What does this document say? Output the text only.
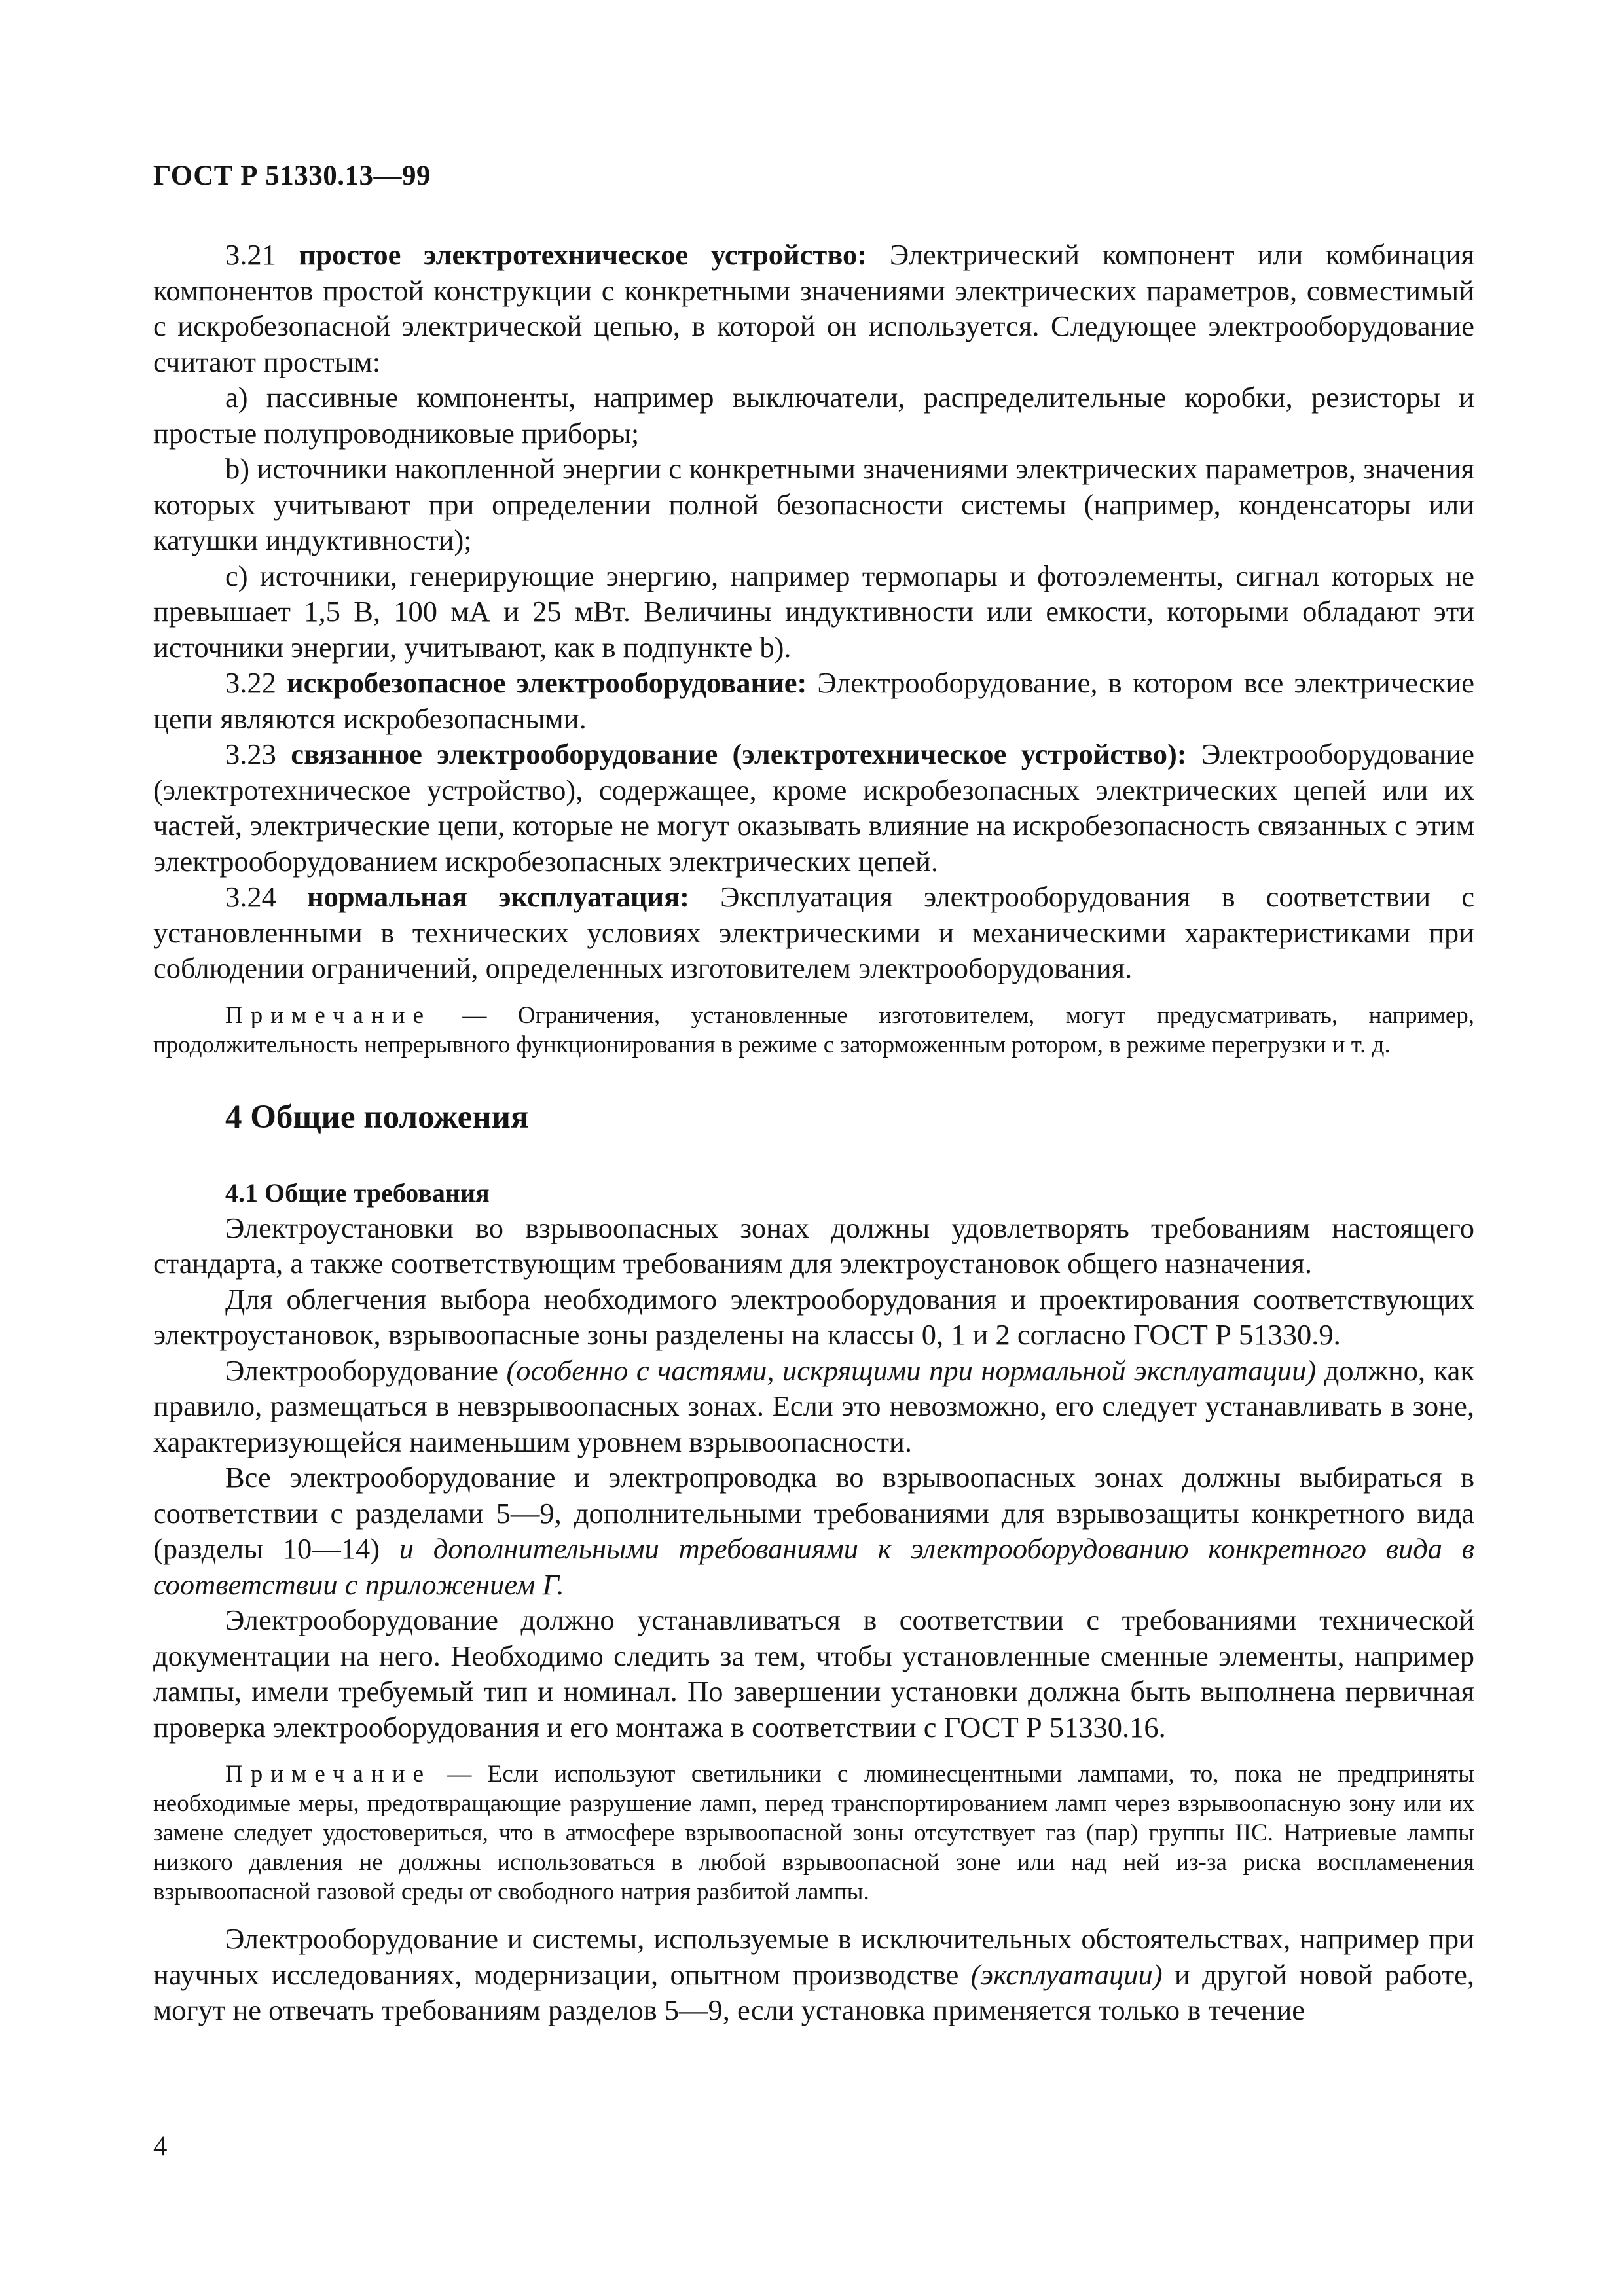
ГОСТ Р 51330.13—99

3.21 простое электротехническое устройство: Электрический компонент или комбинация компонентов простой конструкции с конкретными значениями электрических параметров, совместимый с искробезопасной электрической цепью, в которой он используется. Следующее электрооборудование считают простым:

а) пассивные компоненты, например выключатели, распределительные коробки, резисторы и простые полупроводниковые приборы;

b) источники накопленной энергии с конкретными значениями электрических параметров, значения которых учитывают при определении полной безопасности системы (например, конденсаторы или катушки индуктивности);

с) источники, генерирующие энергию, например термопары и фотоэлементы, сигнал которых не превышает 1,5 В, 100 мА и 25 мВт. Величины индуктивности или емкости, которыми обладают эти источники энергии, учитывают, как в подпункте b).

3.22 искробезопасное электрооборудование: Электрооборудование, в котором все электрические цепи являются искробезопасными.

3.23 связанное электрооборудование (электротехническое устройство): Электрооборудование (электротехническое устройство), содержащее, кроме искробезопасных электрических цепей или их частей, электрические цепи, которые не могут оказывать влияние на искробезопасность связанных с этим электрооборудованием искробезопасных электрических цепей.

3.24 нормальная эксплуатация: Эксплуатация электрооборудования в соответствии с установленными в технических условиях электрическими и механическими характеристиками при соблюдении ограничений, определенных изготовителем электрооборудования.

Примечание — Ограничения, установленные изготовителем, могут предусматривать, например, продолжительность непрерывного функционирования в режиме с заторможенным ротором, в режиме перегрузки и т. д.

4 Общие положения
4.1 Общие требования

Электроустановки во взрывоопасных зонах должны удовлетворять требованиям настоящего стандарта, а также соответствующим требованиям для электроустановок общего назначения.

Для облегчения выбора необходимого электрооборудования и проектирования соответствующих электроустановок, взрывоопасные зоны разделены на классы 0, 1 и 2 согласно ГОСТ Р 51330.9.

Электрооборудование (особенно с частями, искрящими при нормальной эксплуатации) должно, как правило, размещаться в невзрывоопасных зонах. Если это невозможно, его следует устанавливать в зоне, характеризующейся наименьшим уровнем взрывоопасности.

Все электрооборудование и электропроводка во взрывоопасных зонах должны выбираться в соответствии с разделами 5—9, дополнительными требованиями для взрывозащиты конкретного вида (разделы 10—14) и дополнительными требованиями к электрооборудованию конкретного вида в соответствии с приложением Г.

Электрооборудование должно устанавливаться в соответствии с требованиями технической документации на него. Необходимо следить за тем, чтобы установленные сменные элементы, например лампы, имели требуемый тип и номинал. По завершении установки должна быть выполнена первичная проверка электрооборудования и его монтажа в соответствии с ГОСТ Р 51330.16.

Примечание — Если используют светильники с люминесцентными лампами, то, пока не предприняты необходимые меры, предотвращающие разрушение ламп, перед транспортированием ламп через взрывоопасную зону или их замене следует удостовериться, что в атмосфере взрывоопасной зоны отсутствует газ (пар) группы IIC. Натриевые лампы низкого давления не должны использоваться в любой взрывоопасной зоне или над ней из-за риска воспламенения взрывоопасной газовой среды от свободного натрия разбитой лампы.

Электрооборудование и системы, используемые в исключительных обстоятельствах, например при научных исследованиях, модернизации, опытном производстве (эксплуатации) и другой новой работе, могут не отвечать требованиям разделов 5—9, если установка применяется только в течение

4
